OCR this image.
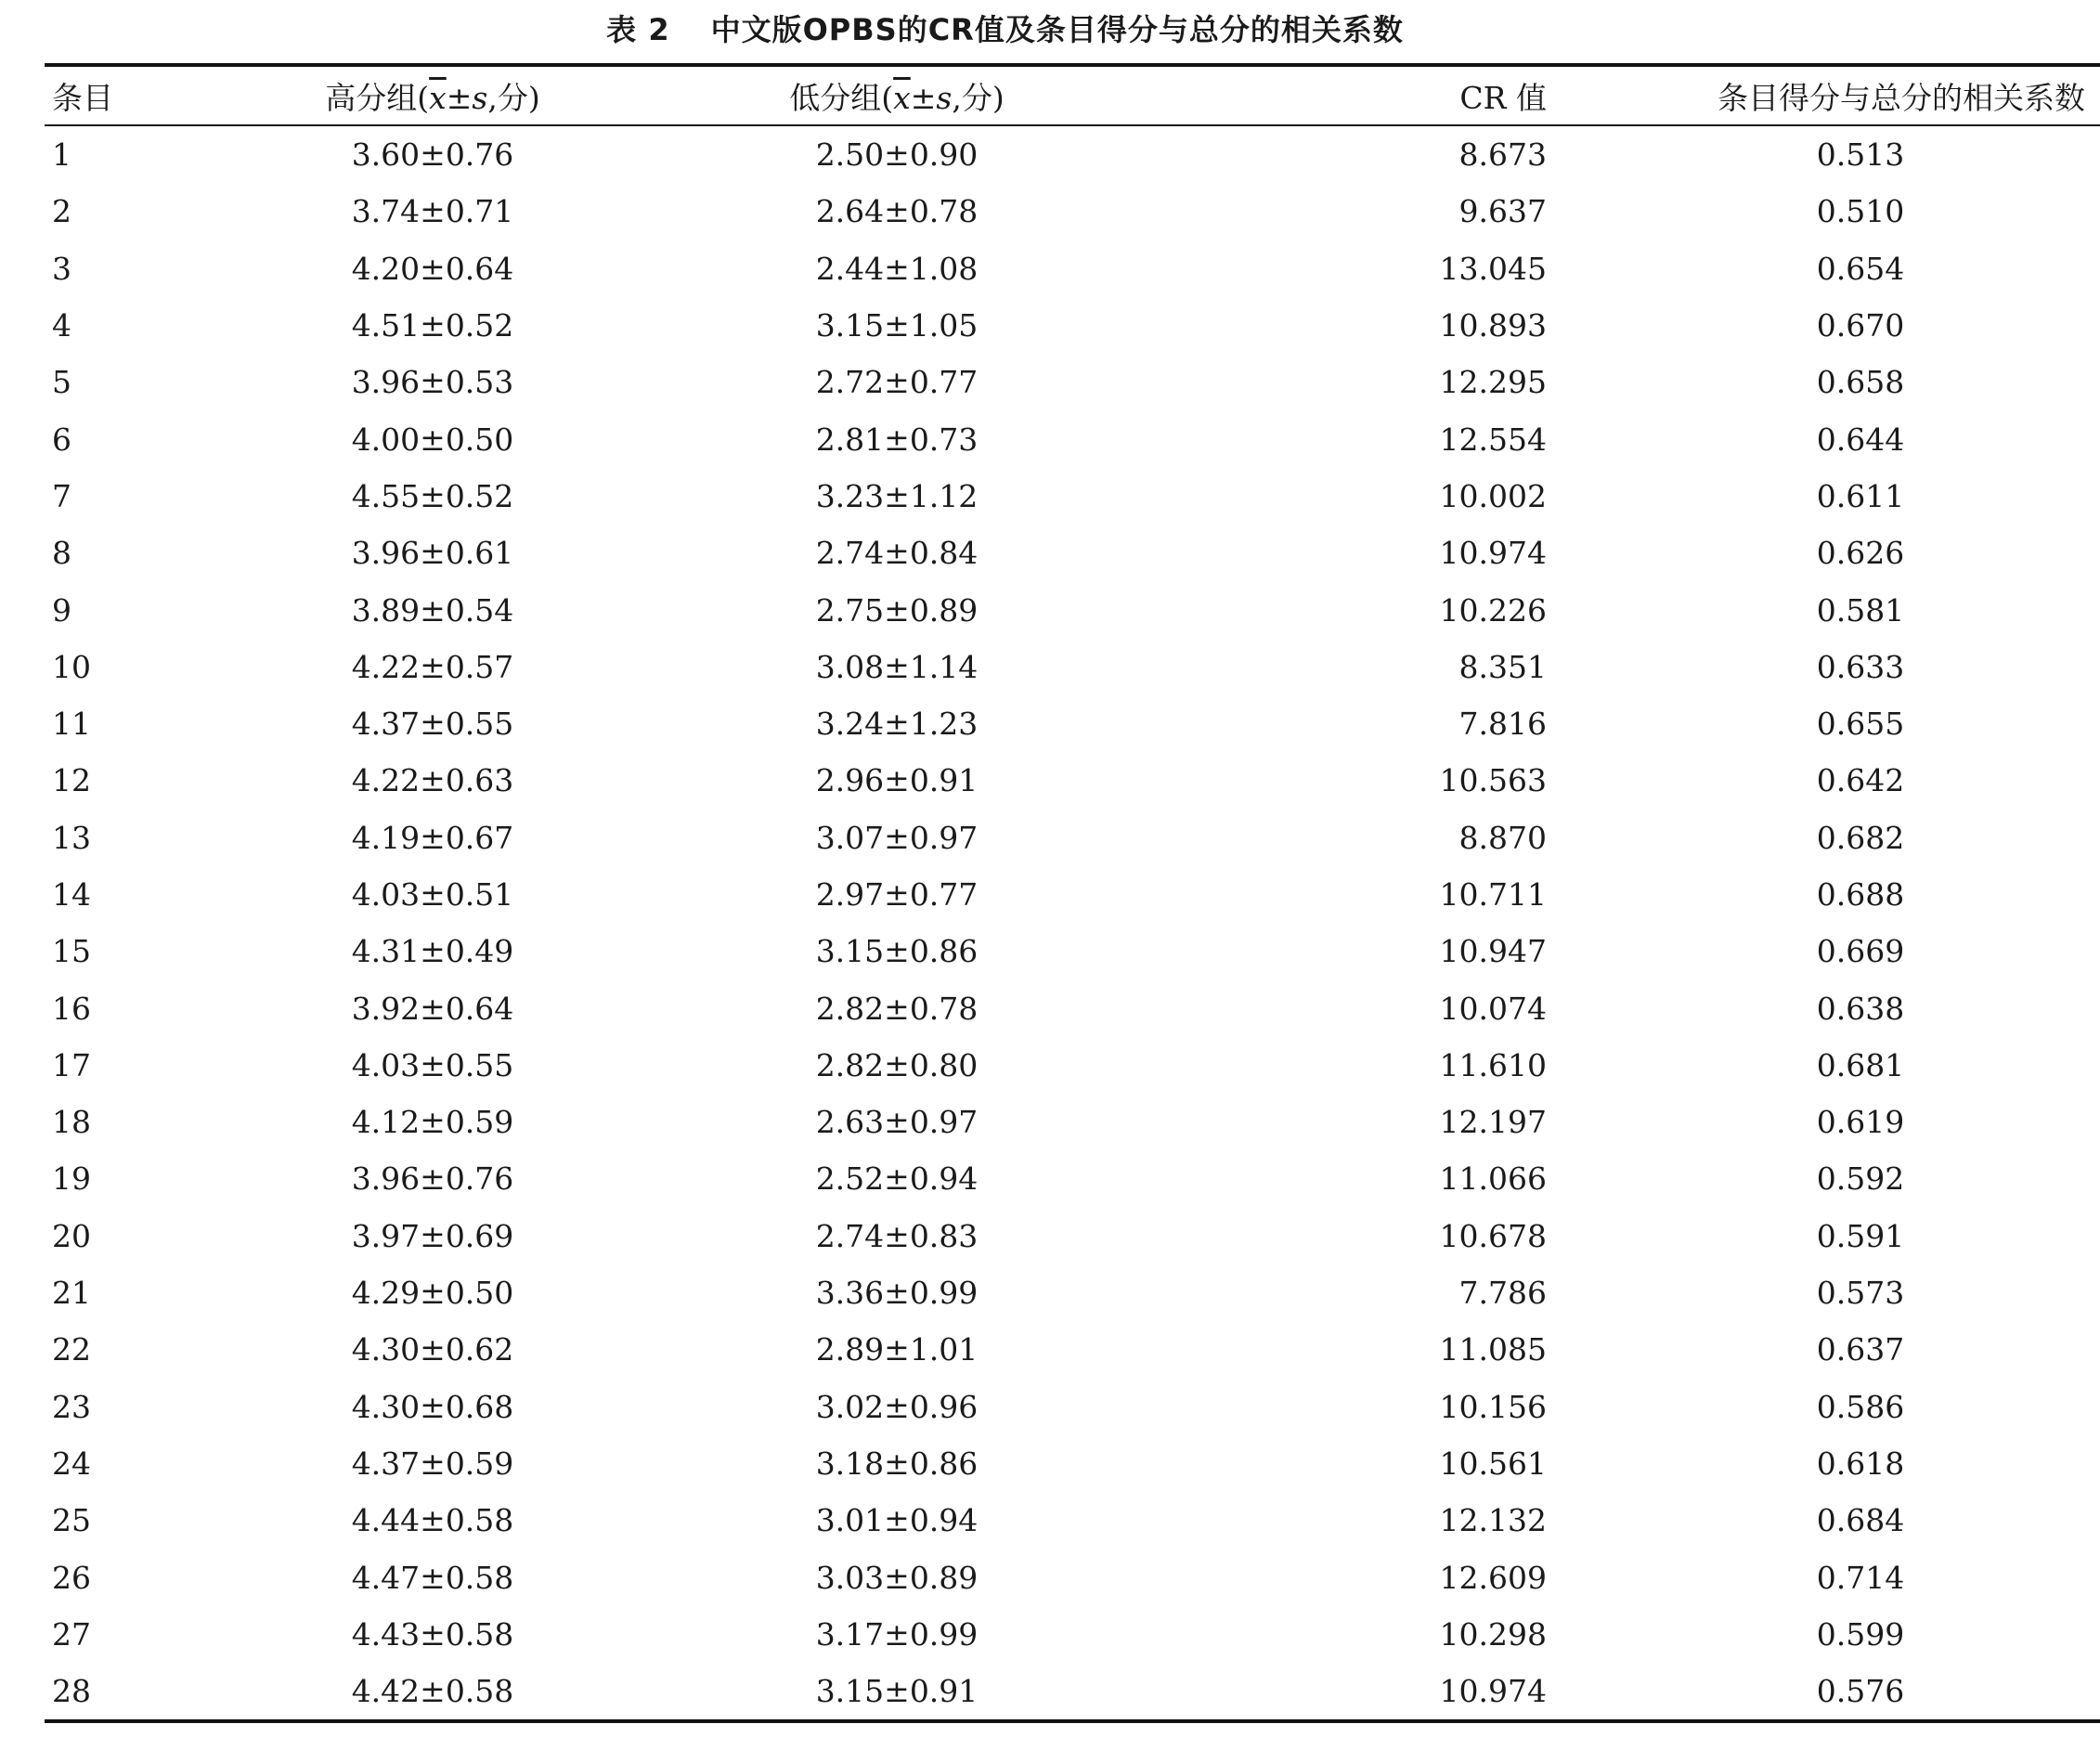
表 2 中文版OPBS的CR值及条目得分与总分的相关系数
条目	高分组($\overline{x}\pm s$,分)	低分组($\overline{x}\pm s$,分)	CR 值	条目得分与总分的相关系数
1	3.60±0.76	2.50±0.90	8.673	0.513
2	3.74±0.71	2.64±0.78	9.637	0.510
3	4.20±0.64	2.44±1.08	13.045	0.654
4	4.51±0.52	3.15±1.05	10.893	0.670
5	3.96±0.53	2.72±0.77	12.295	0.658
6	4.00±0.50	2.81±0.73	12.554	0.644
7	4.55±0.52	3.23±1.12	10.002	0.611
8	3.96±0.61	2.74±0.84	10.974	0.626
9	3.89±0.54	2.75±0.89	10.226	0.581
10	4.22±0.57	3.08±1.14	8.351	0.633
11	4.37±0.55	3.24±1.23	7.816	0.655
12	4.22±0.63	2.96±0.91	10.563	0.642
13	4.19±0.67	3.07±0.97	8.870	0.682
14	4.03±0.51	2.97±0.77	10.711	0.688
15	4.31±0.49	3.15±0.86	10.947	0.669
16	3.92±0.64	2.82±0.78	10.074	0.638
17	4.03±0.55	2.82±0.80	11.610	0.681
18	4.12±0.59	2.63±0.97	12.197	0.619
19	3.96±0.76	2.52±0.94	11.066	0.592
20	3.97±0.69	2.74±0.83	10.678	0.591
21	4.29±0.50	3.36±0.99	7.786	0.573
22	4.30±0.62	2.89±1.01	11.085	0.637
23	4.30±0.68	3.02±0.96	10.156	0.586
24	4.37±0.59	3.18±0.86	10.561	0.618
25	4.44±0.58	3.01±0.94	12.132	0.684
26	4.47±0.58	3.03±0.89	12.609	0.714
27	4.43±0.58	3.17±0.99	10.298	0.599
28	4.42±0.58	3.15±0.91	10.974	0.576
